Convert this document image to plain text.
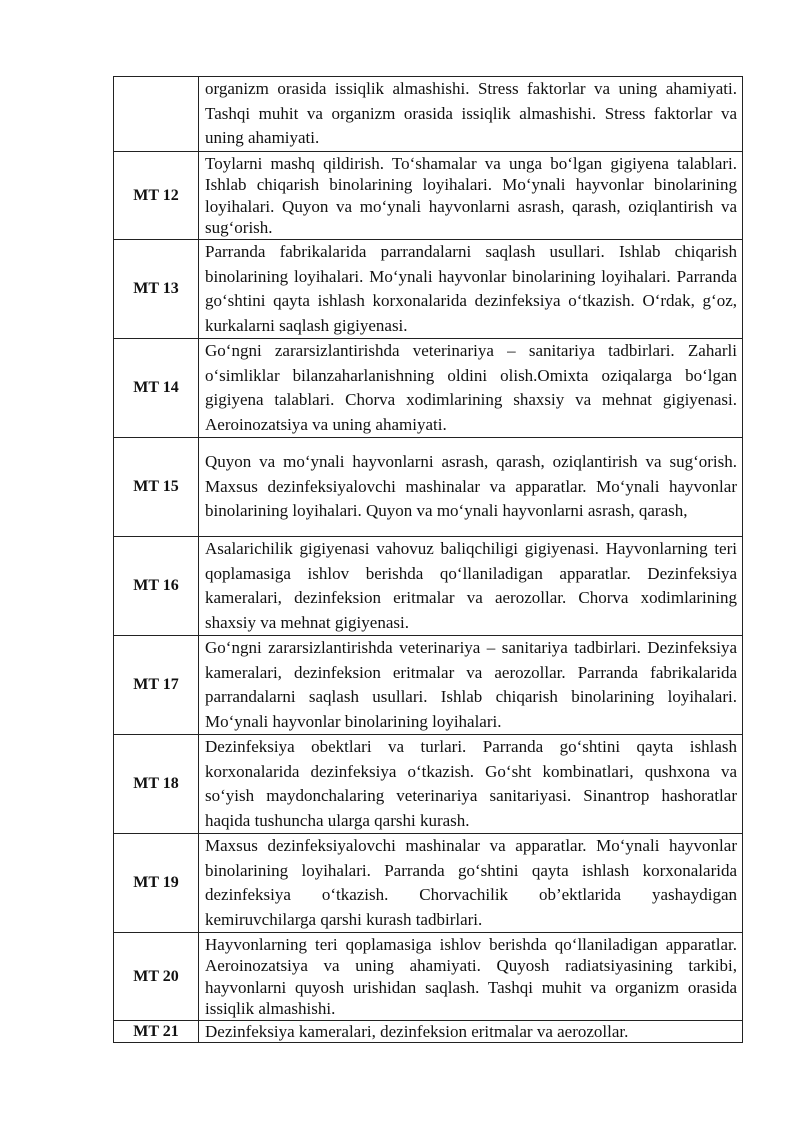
	organizm orasida issiqlik almashishi. Stress faktorlar va uning ahamiyati. Tashqi muhit va organizm orasida issiqlik almashishi. Stress faktorlar va uning ahamiyati.
MT 12	Toylarni mashq qildirish. To‘shamalar va unga bo‘lgan gigiyena talablari. Ishlab chiqarish binolarining loyihalari. Mo‘ynali hayvonlar binolarining loyihalari. Quyon va mo‘ynali hayvonlarni asrash, qarash, oziqlantirish va sug‘orish.
MT 13	Parranda fabrikalarida parrandalarni saqlash usullari. Ishlab chiqarish binolarining loyihalari. Mo‘ynali hayvonlar binolarining loyihalari. Parranda go‘shtini qayta ishlash korxonalarida dezinfeksiya o‘tkazish. O‘rdak, g‘oz, kurkalarni saqlash gigiyenasi.
MT 14	Go‘ngni zararsizlantirishda veterinariya – sanitariya tadbirlari. Zaharli o‘simliklar bilanzaharlanishning oldini olish.Omixta oziqalarga bo‘lgan gigiyena talablari. Chorva xodimlarining shaxsiy va mehnat gigiyenasi. Aeroinozatsiya va uning ahamiyati.
MT 15	Quyon va mo‘ynali hayvonlarni asrash, qarash, oziqlantirish va sug‘orish. Maxsus dezinfeksiyalovchi mashinalar va apparatlar. Mo‘ynali hayvonlar binolarining loyihalari. Quyon va mo‘ynali hayvonlarni asrash, qarash,
MT 16	Asalarichilik gigiyenasi vahovuz baliqchiligi gigiyenasi. Hayvonlarning teri qoplamasiga ishlov berishda qo‘llaniladigan apparatlar. Dezinfeksiya kameralari, dezinfeksion eritmalar va aerozollar. Chorva xodimlarining shaxsiy va mehnat gigiyenasi.
MT 17	Go‘ngni zararsizlantirishda veterinariya – sanitariya tadbirlari. Dezinfeksiya kameralari, dezinfeksion eritmalar va aerozollar. Parranda fabrikalarida parrandalarni saqlash usullari. Ishlab chiqarish binolarining loyihalari. Mo‘ynali hayvonlar binolarining loyihalari.
MT 18	Dezinfeksiya obektlari va turlari. Parranda go‘shtini qayta ishlash korxonalarida dezinfeksiya o‘tkazish. Go‘sht kombinatlari, qushxona va so‘yish maydonchalaring veterinariya sanitariyasi. Sinantrop hashoratlar haqida tushuncha ularga qarshi kurash.
MT 19	Maxsus dezinfeksiyalovchi mashinalar va apparatlar. Mo‘ynali hayvonlar binolarining loyihalari. Parranda go‘shtini qayta ishlash korxonalarida dezinfeksiya o‘tkazish. Chorvachilik ob’ektlarida yashaydigan kemiruvchilarga qarshi kurash tadbirlari.
MT 20	Hayvonlarning teri qoplamasiga ishlov berishda qo‘llaniladigan apparatlar. Aeroinozatsiya va uning ahamiyati. Quyosh radiatsiyasining tarkibi, hayvonlarni quyosh urishidan saqlash. Tashqi muhit va organizm orasida issiqlik almashishi.
MT 21	Dezinfeksiya kameralari, dezinfeksion eritmalar va aerozollar.
